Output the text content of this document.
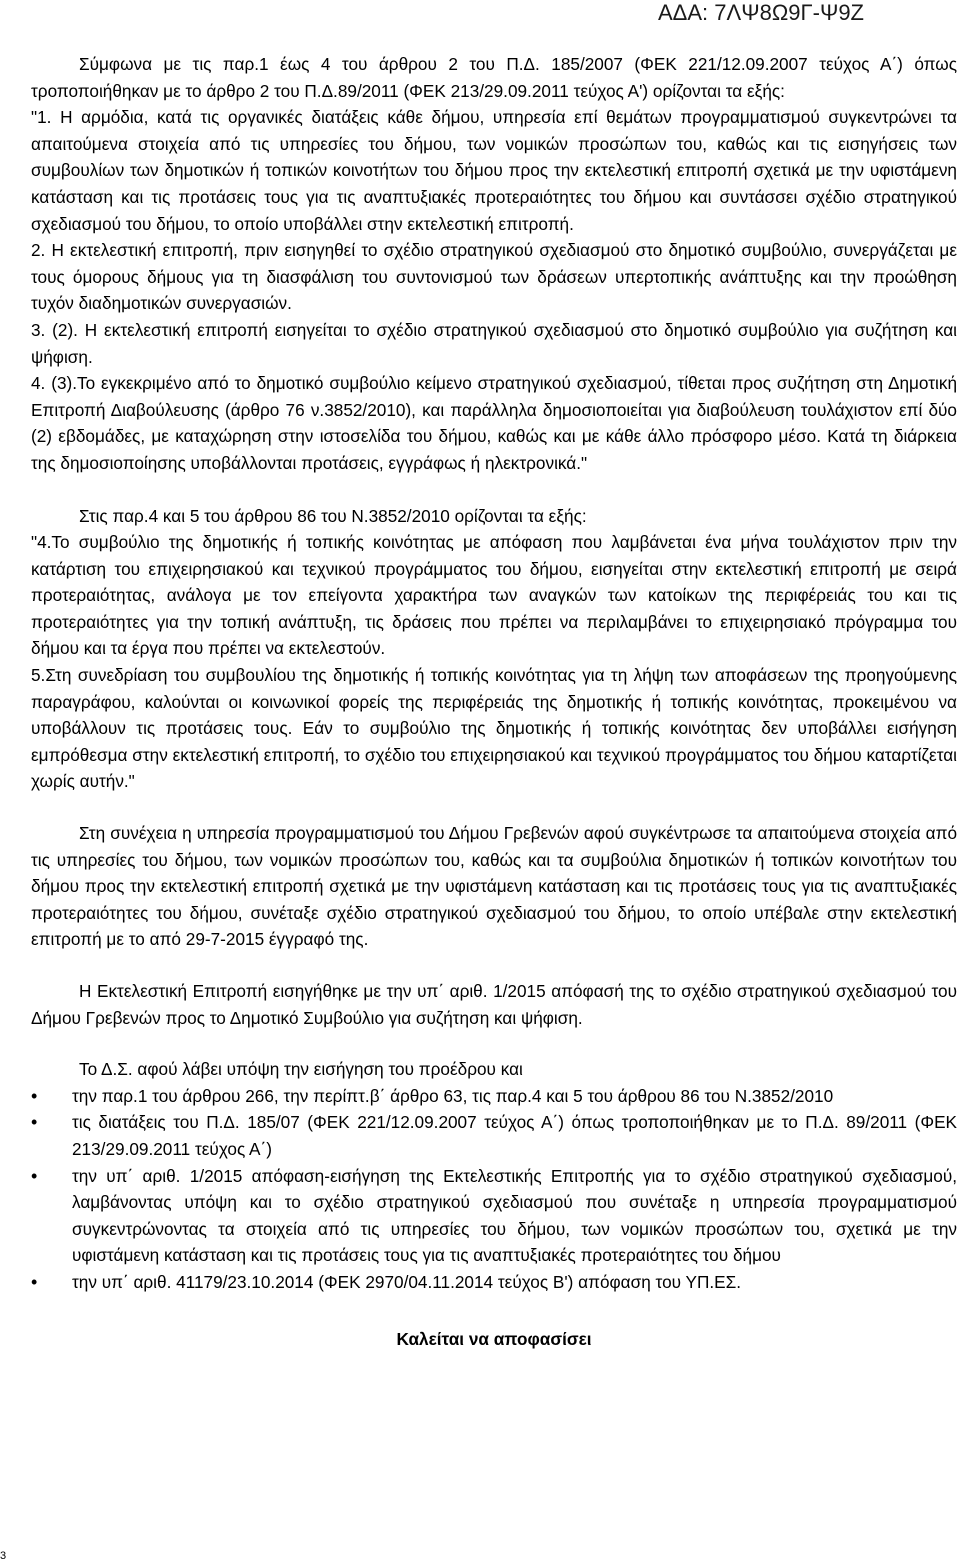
ΑΔΑ: 7ΛΨ8Ω9Γ-Ψ9Ζ

Σύμφωνα με τις παρ.1 έως 4 του άρθρου 2 του Π.Δ. 185/2007 (ΦΕΚ 221/12.09.2007 τεύχος Α΄) όπως τροποποιήθηκαν με το άρθρο 2 του Π.Δ.89/2011 (ΦΕΚ 213/29.09.2011 τεύχος Α') ορίζονται τα εξής:

"1. Η αρμόδια, κατά τις οργανικές διατάξεις κάθε δήμου, υπηρεσία επί θεμάτων προγραμματισμού συγκεντρώνει τα απαιτούμενα στοιχεία από τις υπηρεσίες του δήμου, των νομικών προσώπων του, καθώς και τις εισηγήσεις των συμβουλίων των δημοτικών ή τοπικών κοινοτήτων του δήμου προς την εκτελεστική επιτροπή σχετικά με την υφιστάμενη κατάσταση και τις προτάσεις τους για τις αναπτυξιακές προτεραιότητες του δήμου και συντάσσει σχέδιο στρατηγικού σχεδιασμού του δήμου, το οποίο υποβάλλει στην εκτελεστική επιτροπή.

2. Η εκτελεστική επιτροπή, πριν εισηγηθεί το σχέδιο στρατηγικού σχεδιασμού στο δημοτικό συμβούλιο, συνεργάζεται με τους όμορους δήμους για τη διασφάλιση του συντονισμού των δράσεων υπερτοπικής ανάπτυξης και την προώθηση τυχόν διαδημοτικών συνεργασιών.

3. (2). Η εκτελεστική επιτροπή εισηγείται το σχέδιο στρατηγικού σχεδιασμού στο δημοτικό συμβούλιο για συζήτηση και ψήφιση.

4. (3).Το εγκεκριμένο από το δημοτικό συμβούλιο κείμενο στρατηγικού σχεδιασμού, τίθεται προς συζήτηση στη Δημοτική Επιτροπή Διαβούλευσης (άρθρο 76 ν.3852/2010), και παράλληλα δημοσιοποιείται για διαβούλευση τουλάχιστον επί δύο (2) εβδομάδες, με καταχώρηση στην ιστοσελίδα του δήμου, καθώς και με κάθε άλλο πρόσφορο μέσο. Κατά τη διάρκεια της δημοσιοποίησης υποβάλλονται προτάσεις, εγγράφως ή ηλεκτρονικά."

Στις παρ.4 και 5 του άρθρου 86 του Ν.3852/2010 ορίζονται τα εξής:

"4.Το συμβούλιο της δημοτικής ή τοπικής κοινότητας με απόφαση που λαμβάνεται ένα μήνα τουλάχιστον πριν την κατάρτιση του επιχειρησιακού και τεχνικού προγράμματος του δήμου, εισηγείται στην εκτελεστική επιτροπή με σειρά προτεραιότητας, ανάλογα με τον επείγοντα χαρακτήρα των αναγκών των κατοίκων της περιφέρειάς του και τις προτεραιότητες για την τοπική ανάπτυξη, τις δράσεις που πρέπει να περιλαμβάνει το επιχειρησιακό πρόγραμμα του δήμου και τα έργα που πρέπει να εκτελεστούν.

5.Στη συνεδρίαση του συμβουλίου της δημοτικής ή τοπικής κοινότητας για τη λήψη των αποφάσεων της προηγούμενης παραγράφου, καλούνται οι κοινωνικοί φορείς της περιφέρειάς της δημοτικής ή τοπικής κοινότητας, προκειμένου να υποβάλλουν τις προτάσεις τους. Εάν το συμβούλιο της δημοτικής ή τοπικής κοινότητας δεν υποβάλλει εισήγηση εμπρόθεσμα στην εκτελεστική επιτροπή, το σχέδιο του επιχειρησιακού και τεχνικού προγράμματος του δήμου καταρτίζεται χωρίς αυτήν."

Στη συνέχεια η υπηρεσία προγραμματισμού του Δήμου Γρεβενών αφού συγκέντρωσε τα απαιτούμενα στοιχεία από τις υπηρεσίες του δήμου, των νομικών προσώπων του, καθώς και τα συμβούλια δημοτικών ή τοπικών κοινοτήτων του δήμου προς την εκτελεστική επιτροπή σχετικά με την υφιστάμενη κατάσταση και τις προτάσεις τους για τις αναπτυξιακές προτεραιότητες του δήμου, συνέταξε σχέδιο στρατηγικού σχεδιασμού του δήμου, το οποίο υπέβαλε στην εκτελεστική επιτροπή με το από 29-7-2015 έγγραφό της.

Η Εκτελεστική Επιτροπή εισηγήθηκε με την υπ΄ αριθ. 1/2015 απόφασή της το σχέδιο στρατηγικού σχεδιασμού του Δήμου Γρεβενών προς το Δημοτικό Συμβούλιο για συζήτηση και ψήφιση.

Το Δ.Σ. αφού λάβει υπόψη την εισήγηση του προέδρου και

• την παρ.1 του άρθρου 266, την περίπτ.β΄ άρθρο 63, τις παρ.4 και 5 του άρθρου 86 του Ν.3852/2010
• τις διατάξεις του Π.Δ. 185/07 (ΦΕΚ 221/12.09.2007 τεύχος Α΄) όπως τροποποιήθηκαν με το Π.Δ. 89/2011 (ΦΕΚ 213/29.09.2011 τεύχος Α΄)
• την υπ΄ αριθ. 1/2015 απόφαση-εισήγηση της Εκτελεστικής Επιτροπής για το σχέδιο στρατηγικού σχεδιασμού, λαμβάνοντας υπόψη και το σχέδιο στρατηγικού σχεδιασμού που συνέταξε η υπηρεσία προγραμματισμού συγκεντρώνοντας τα στοιχεία από τις υπηρεσίες του δήμου, των νομικών προσώπων του, σχετικά με την υφιστάμενη κατάσταση και τις προτάσεις τους για τις αναπτυξιακές προτεραιότητες του δήμου
• την υπ΄ αριθ. 41179/23.10.2014 (ΦΕΚ 2970/04.11.2014 τεύχος Β') απόφαση του ΥΠ.ΕΣ.

Καλείται να αποφασίσει

3
